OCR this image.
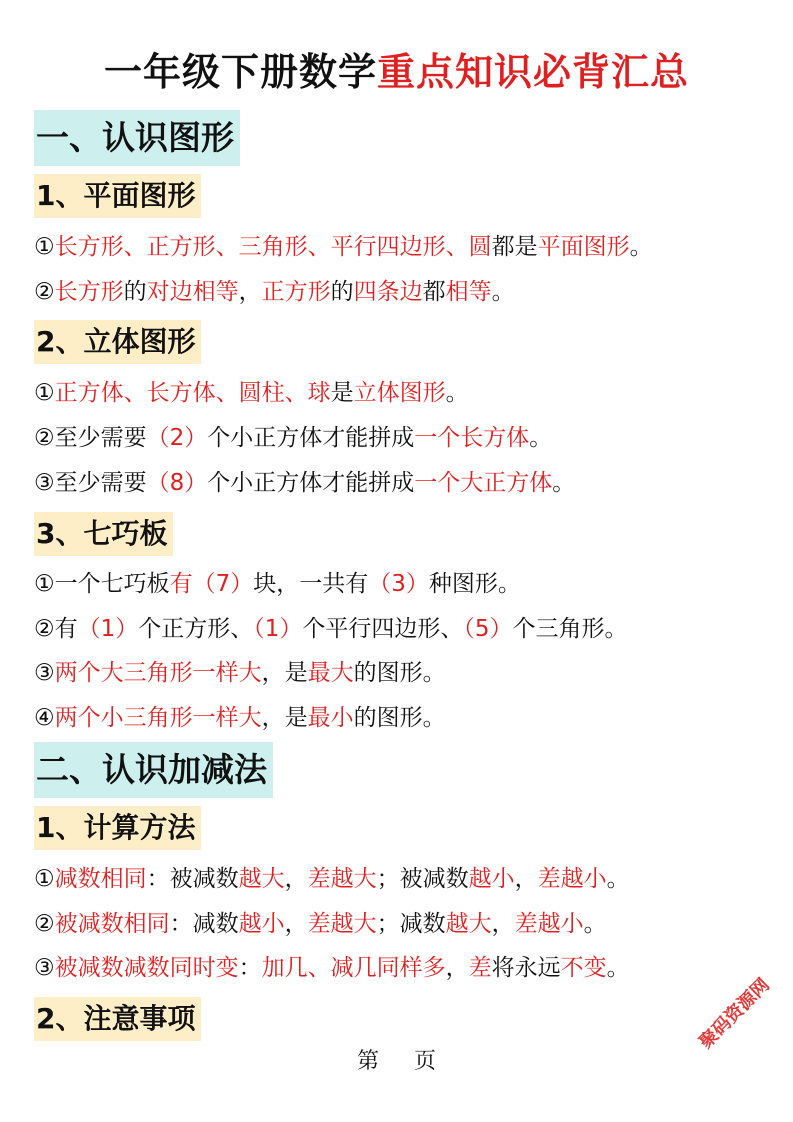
一年级下册数学重点知识必背汇总
一、认识图形
1、平面图形
①长方形、正方形、三角形、平行四边形、圆都是平面图形。
②长方形的对边相等，正方形的四条边都相等。
2、立体图形
①正方体、长方体、圆柱、球是立体图形。
②至少需要（2）个小正方体才能拼成一个长方体。
③至少需要（8）个小正方体才能拼成一个大正方体。
3、七巧板
①一个七巧板有（7）块，一共有（3）种图形。
②有（1）个正方形、（1）个平行四边形、（5）个三角形。
③两个大三角形一样大，是最大的图形。
④两个小三角形一样大，是最小的图形。
二、认识加减法
1、计算方法
①减数相同：被减数越大，差越大；被减数越小，差越小。
②被减数相同：减数越小，差越大；减数越大，差越小。
③被减数减数同时变：加几、减几同样多，差将永远不变。
2、注意事项
第 页
聚码资源网
